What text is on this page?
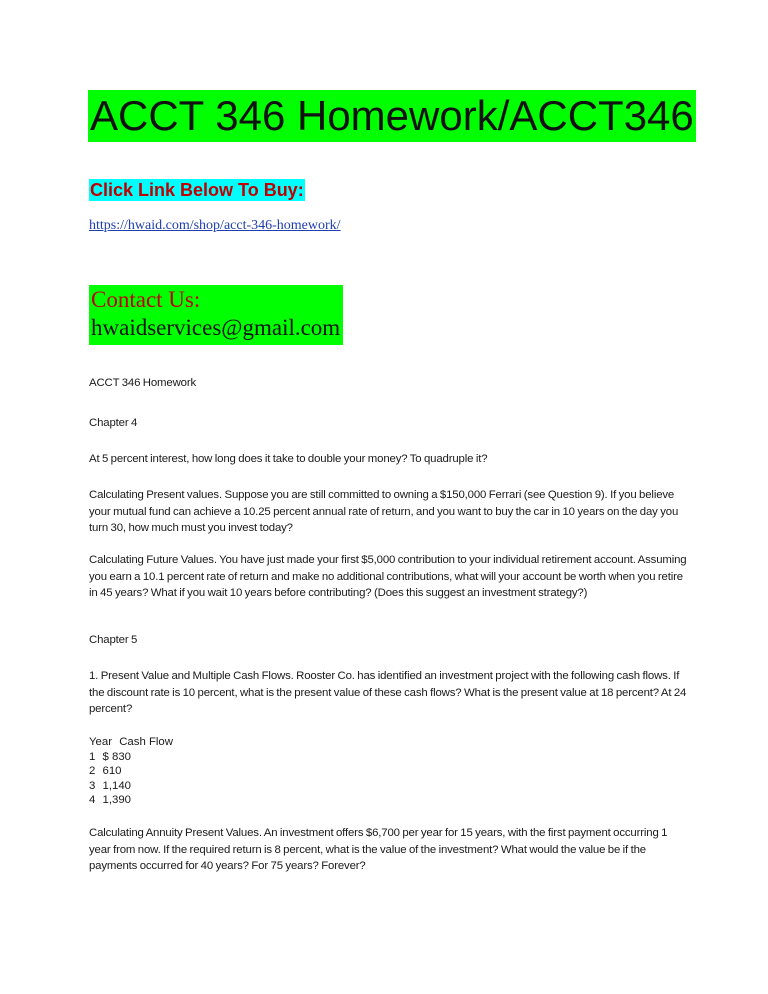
ACCT 346 Homework/ACCT346
Click Link Below To Buy:
https://hwaid.com/shop/acct-346-homework/
Contact Us:
hwaidservices@gmail.com
ACCT 346 Homework
Chapter 4
At 5 percent interest, how long does it take to double your money? To quadruple it?
Calculating Present values. Suppose you are still committed to owning a $150,000 Ferrari (see Question 9). If you believe your mutual fund can achieve a 10.25 percent annual rate of return, and you want to buy the car in 10 years on the day you turn 30, how much must you invest today?
Calculating Future Values. You have just made your first $5,000 contribution to your individual retirement account. Assuming you earn a 10.1 percent rate of return and make no additional contributions, what will your account be worth when you retire in 45 years? What if you wait 10 years before contributing? (Does this suggest an investment strategy?)
Chapter 5
1. Present Value and Multiple Cash Flows. Rooster Co. has identified an investment project with the following cash flows. If the discount rate is 10 percent, what is the present value of these cash flows? What is the present value at 18 percent? At 24 percent?
Year Cash Flow
1 $ 830
2 610
3 1,140
4 1,390
Calculating Annuity Present Values. An investment offers $6,700 per year for 15 years, with the first payment occurring 1 year from now. If the required return is 8 percent, what is the value of the investment? What would the value be if the payments occurred for 40 years? For 75 years? Forever?
